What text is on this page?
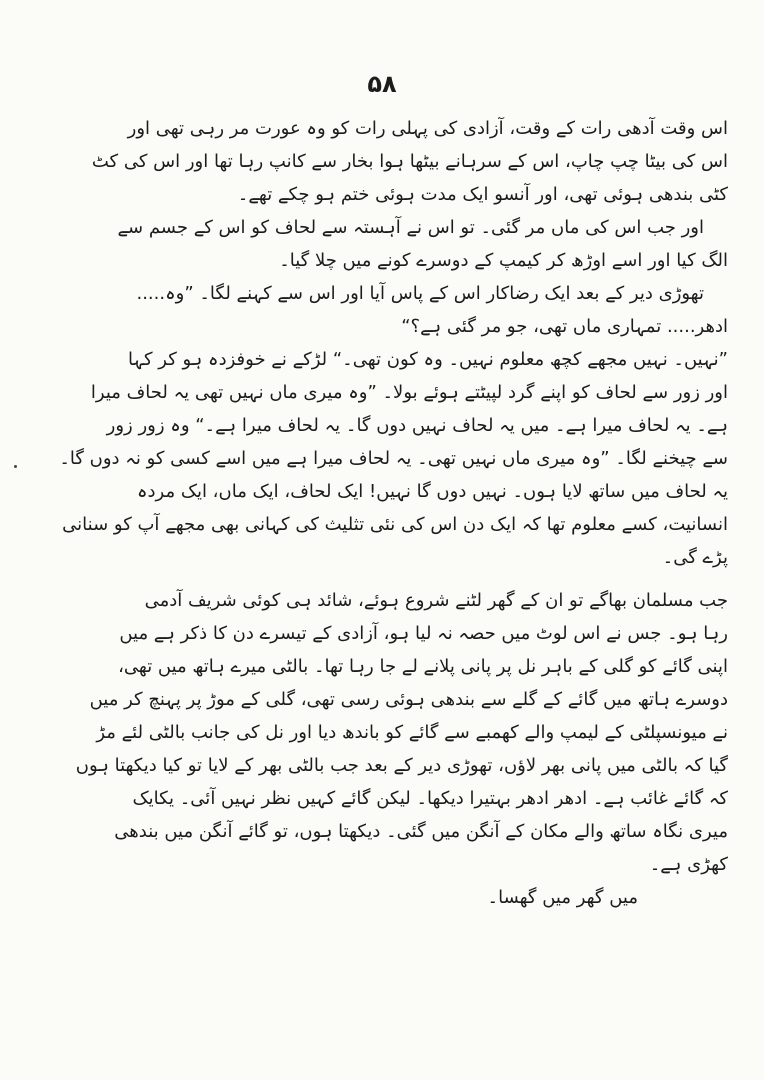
۵۸
اس وقت آدھی رات کے وقت، آزادی کی پہلی رات کو وہ عورت مر رہی تھی اور
اس کی بیٹا چپ چاپ، اس کے سرہانے بیٹھا ہوا بخار سے کانپ رہا تھا اور اس کی کٹ
کٹی بندھی ہوئی تھی، اور آنسو ایک مدت ہوئی ختم ہو چکے تھے۔
اور جب اس کی ماں مر گئی۔ تو اس نے آہستہ سے لحاف کو اس کے جسم سے
الگ کیا اور اسے اوڑھ کر کیمپ کے دوسرے کونے میں چلا گیا۔
تھوڑی دیر کے بعد ایک رضاکار اس کے پاس آیا اور اس سے کہنے لگا۔ ”وہ.....
ادھر..... تمہاری ماں تھی، جو مر گئی ہے؟“
”نہیں۔ نہیں مجھے کچھ معلوم نہیں۔ وہ کون تھی۔“ لڑکے نے خوفزدہ ہو کر کہا
اور زور سے لحاف کو اپنے گرد لپیٹتے ہوئے بولا۔ ”وہ میری ماں نہیں تھی یہ لحاف میرا
ہے۔ یہ لحاف میرا ہے۔ میں یہ لحاف نہیں دوں گا۔ یہ لحاف میرا ہے۔“ وہ زور زور
سے چیخنے لگا۔ ”وہ میری ماں نہیں تھی۔ یہ لحاف میرا ہے میں اسے کسی کو نہ دوں گا۔
یہ لحاف میں ساتھ لایا ہوں۔ نہیں دوں گا نہیں! ایک لحاف، ایک ماں، ایک مردہ
انسانیت، کسے معلوم تھا کہ ایک دن اس کی نئی تثلیث کی کہانی بھی مجھے آپ کو سنانی
پڑے گی۔
جب مسلمان بھاگے تو ان کے گھر لٹنے شروع ہوئے، شائد ہی کوئی شریف آدمی
رہا ہو۔ جس نے اس لوٹ میں حصہ نہ لیا ہو، آزادی کے تیسرے دن کا ذکر ہے میں
اپنی گائے کو گلی کے باہر نل پر پانی پلانے لے جا رہا تھا۔ بالٹی میرے ہاتھ میں تھی،
دوسرے ہاتھ میں گائے کے گلے سے بندھی ہوئی رسی تھی، گلی کے موڑ پر پہنچ کر میں
نے میونسپلٹی کے لیمپ والے کھمبے سے گائے کو باندھ دیا اور نل کی جانب بالٹی لئے مڑ
گیا کہ بالٹی میں پانی بھر لاؤں، تھوڑی دیر کے بعد جب بالٹی بھر کے لایا تو کیا دیکھتا ہوں
کہ گائے غائب ہے۔ ادھر ادھر بہتیرا دیکھا۔ لیکن گائے کہیں نظر نہیں آئی۔ یکایک
میری نگاہ ساتھ والے مکان کے آنگن میں گئی۔ دیکھتا ہوں، تو گائے آنگن میں بندھی
کھڑی ہے۔
میں گھر میں گھسا۔
